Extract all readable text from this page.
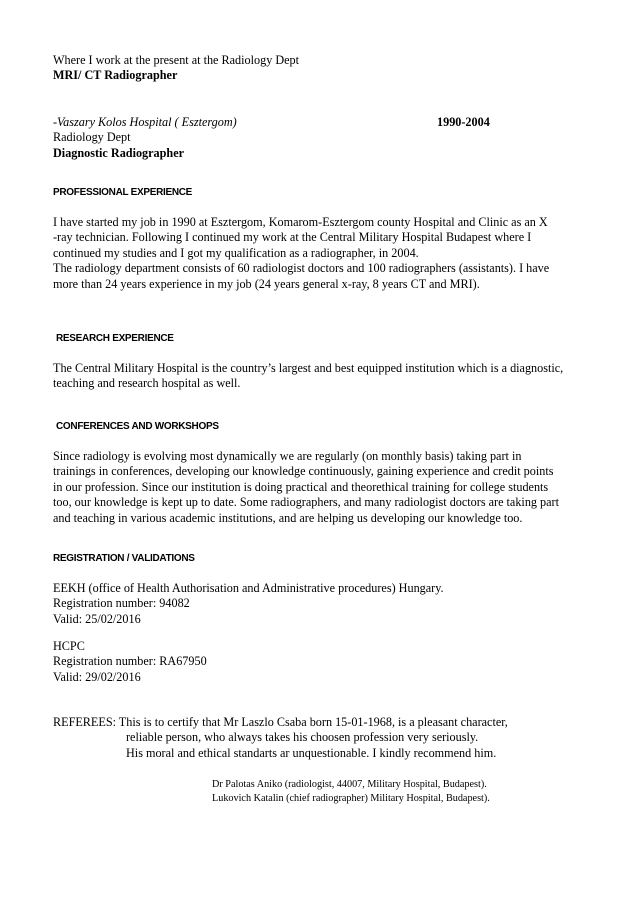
Where I work at the present at the Radiology Dept
MRI/ CT Radiographer
-Vaszary Kolos Hospital ( Esztergom)	1990-2004
Radiology Dept
Diagnostic Radiographer
PROFESSIONAL EXPERIENCE
I have started my job in 1990 at Esztergom, Komarom-Esztergom county Hospital and Clinic as an X
-ray technician. Following I continued my work at the Central Military Hospital Budapest where I
continued my studies and I got my qualification as a radiographer, in 2004.
The radiology department consists of 60 radiologist doctors and 100 radiographers (assistants). I have
more than 24 years experience in my job (24 years general x-ray, 8 years CT and MRI).
RESEARCH EXPERIENCE
The Central Military Hospital is the country’s largest and best equipped institution which is a diagnostic,
teaching and research hospital as well.
CONFERENCES AND WORKSHOPS
Since radiology is evolving most dynamically we are regularly (on monthly basis) taking part in
trainings in conferences, developing our knowledge continuously, gaining experience and credit points
in our profession. Since our institution is doing practical and theorethical training for college students
too, our knowledge is kept up to date. Some radiographers, and many radiologist doctors are taking part
and teaching in various academic institutions, and are helping us developing our knowledge too.
REGISTRATION / VALIDATIONS
EEKH (office of Health Authorisation and Administrative procedures) Hungary.
Registration number: 94082
Valid: 25/02/2016
HCPC
Registration number: RA67950
Valid: 29/02/2016
REFEREES: This is to certify that Mr Laszlo Csaba born 15-01-1968, is a pleasant character,
reliable person, who always takes his choosen profession very seriously.
His moral and ethical standarts ar unquestionable. I kindly recommend him.
Dr Palotas Aniko (radiologist, 44007, Military Hospital, Budapest).
Lukovich Katalin (chief radiographer) Military Hospital, Budapest).
